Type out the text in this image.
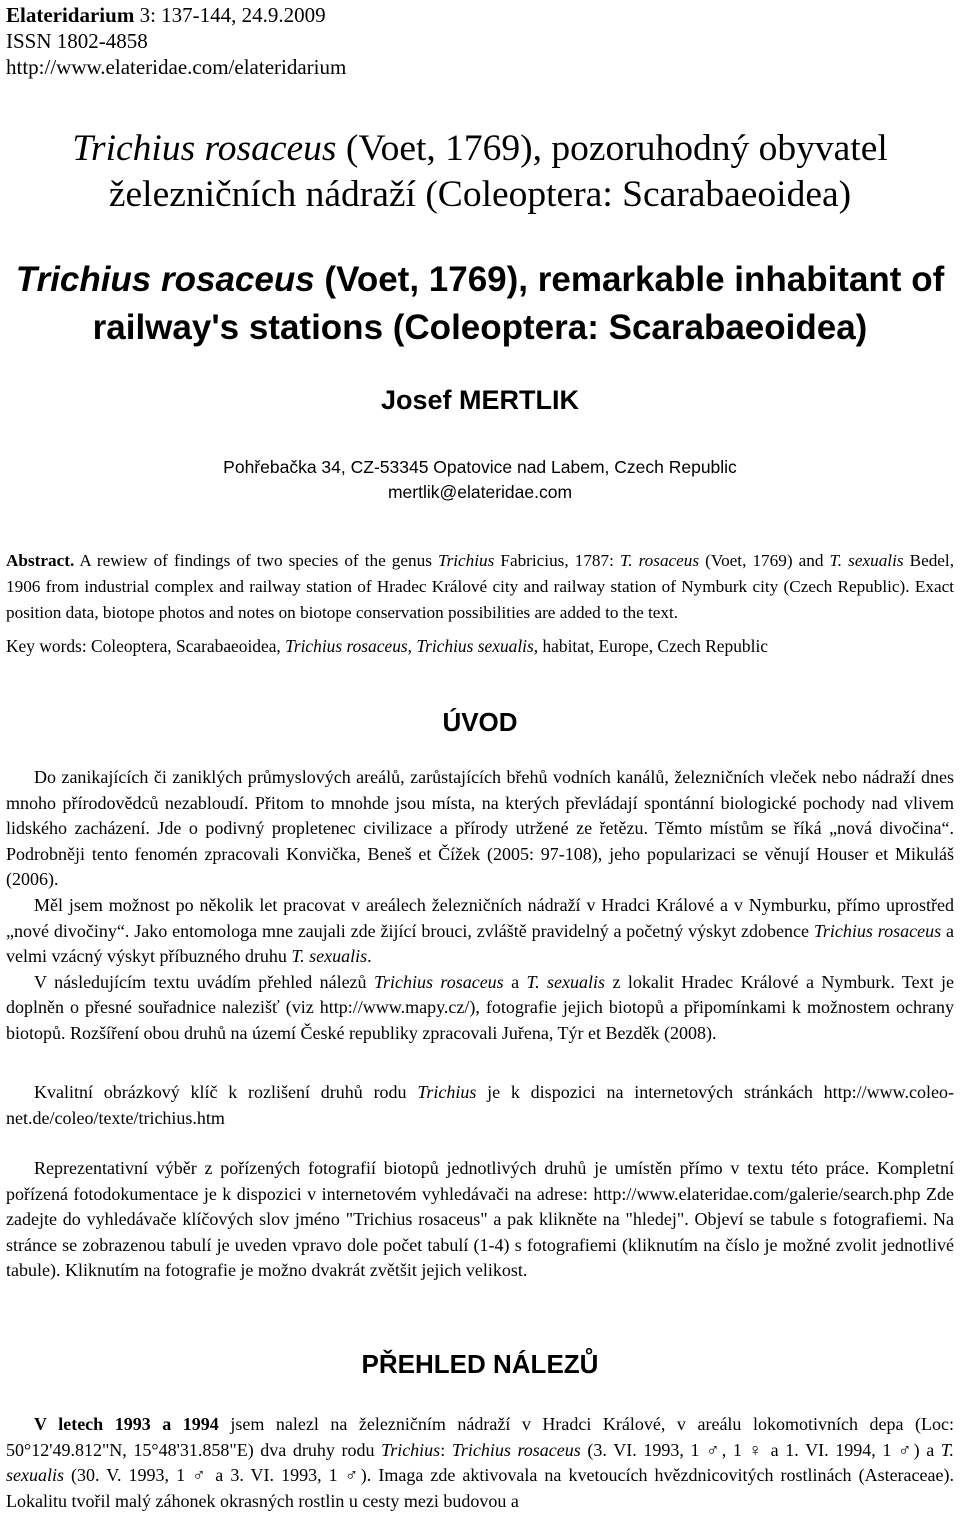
Elateridarium 3: 137-144, 24.9.2009
ISSN 1802-4858
http://www.elateridae.com/elateridarium
Trichius rosaceus (Voet, 1769), pozoruhodný obyvatel
železničních nádraží (Coleoptera: Scarabaeoidea)
Trichius rosaceus (Voet, 1769), remarkable inhabitant of
railway's stations (Coleoptera: Scarabaeoidea)
Josef MERTLIK
Pohřebačka 34, CZ-53345 Opatovice nad Labem, Czech Republic
mertlik@elateridae.com
Abstract. A rewiew of findings of two species of the genus Trichius Fabricius, 1787: T. rosaceus (Voet, 1769) and T. sexualis Bedel, 1906 from industrial complex and railway station of Hradec Králové city and railway station of Nymburk city (Czech Republic). Exact position data, biotope photos and notes on biotope conservation possibilities are added to the text.
Key words: Coleoptera, Scarabaeoidea, Trichius rosaceus, Trichius sexualis, habitat, Europe, Czech Republic
ÚVOD

Do zanikajících či zaniklých průmyslových areálů, zarůstajících břehů vodních kanálů, železničních vleček nebo nádraží dnes mnoho přírodovědců nezabloudí. Přitom to mnohde jsou místa, na kterých převládají spontánní biologické pochody nad vlivem lidského zacházení. Jde o podivný propletenec civilizace a přírody utržené ze řetězu. Těmto místům se říká „nová divočina“. Podrobněji tento fenomén zpracovali Konvička, Beneš et Čížek (2005: 97-108), jeho popularizaci se věnují Houser et Mikuláš (2006).

Měl jsem možnost po několik let pracovat v areálech železničních nádraží v Hradci Králové a v Nymburku, přímo uprostřed „nové divočiny“. Jako entomologa mne zaujali zde žijící brouci, zvláště pravidelný a početný výskyt zdobence Trichius rosaceus a velmi vzácný výskyt příbuzného druhu T. sexualis.

V následujícím textu uvádím přehled nálezů Trichius rosaceus a T. sexualis z lokalit Hradec Králové a Nymburk. Text je doplněn o přesné souřadnice nalezišť (viz http://www.mapy.cz/), fotografie jejich biotopů a připomínkami k možnostem ochrany biotopů. Rozšíření obou druhů na území České republiky zpracovali Juřena, Týr et Bezděk (2008).

Kvalitní obrázkový klíč k rozlišení druhů rodu Trichius je k dispozici na internetových stránkách http://www.coleo-net.de/coleo/texte/trichius.htm

Reprezentativní výběr z pořízených fotografií biotopů jednotlivých druhů je umístěn přímo v textu této práce. Kompletní pořízená fotodokumentace je k dispozici v internetovém vyhledávači na adrese: http://www.elateridae.com/galerie/search.php Zde zadejte do vyhledávače klíčových slov jméno "Trichius rosaceus" a pak klikněte na "hledej". Objeví se tabule s fotografiemi. Na stránce se zobrazenou tabulí je uveden vpravo dole počet tabulí (1-4) s fotografiemi (kliknutím na číslo je možné zvolit jednotlivé tabule). Kliknutím na fotografie je možno dvakrát zvětšit jejich velikost.

PŘEHLED NÁLEZŮ

V letech 1993 a 1994 jsem nalezl na železničním nádraží v Hradci Králové, v areálu lokomotivních depa (Loc: 50°12'49.812"N, 15°48'31.858"E) dva druhy rodu Trichius: Trichius rosaceus (3. VI. 1993, 1 ♂, 1 ♀ a 1. VI. 1994, 1 ♂) a T. sexualis (30. V. 1993, 1 ♂ a 3. VI. 1993, 1 ♂). Imaga zde aktivovala na kvetoucích hvězdnicovitých rostlinách (Asteraceae). Lokalitu tvořil malý záhonek okrasných rostlin u cesty mezi budovou a
